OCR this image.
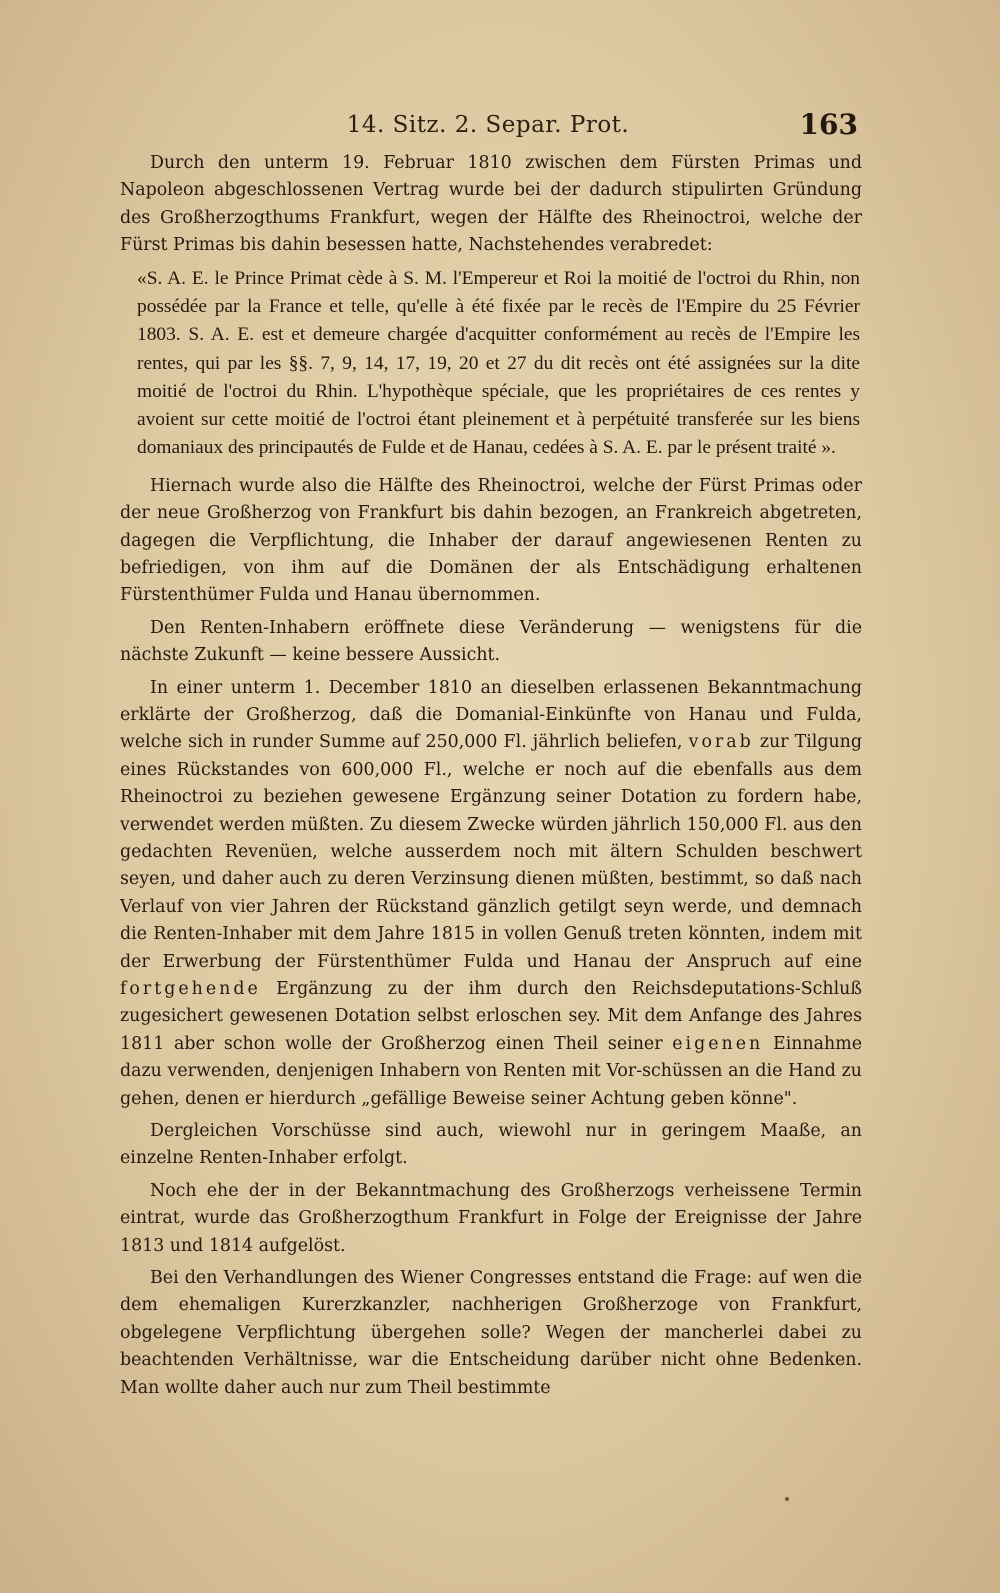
14. Sitz. 2. Separ. Prot.	163

Durch den unterm 19. Februar 1810 zwischen dem Fürsten Primas und Napoleon abgeschlossenen Vertrag wurde bei der dadurch stipulirten Gründung des Großherzogthums Frankfurt, wegen der Hälfte des Rheinoctroi, welche der Fürst Primas bis dahin besessen hatte, Nachstehendes verabredet:

«S. A. E. le Prince Primat cède à S. M. l'Empereur et Roi la moitié de l'octroi du Rhin, non possédée par la France et telle, qu'elle à été fixée par le recès de l'Empire du 25 Février 1803. S. A. E. est et demeure chargée d'acquitter conformément au recès de l'Empire les rentes, qui par les §§. 7, 9, 14, 17, 19, 20 et 27 du dit recès ont été assignées sur la dite moitié de l'octroi du Rhin. L'hypothèque spéciale, que les propriétaires de ces rentes y avoient sur cette moitié de l'octroi étant pleinement et à perpétuité transferée sur les biens domaniaux des principautés de Fulde et de Hanau, cedées à S. A. E. par le présent traité ».

Hiernach wurde also die Hälfte des Rheinoctroi, welche der Fürst Primas oder der neue Großherzog von Frankfurt bis dahin bezogen, an Frankreich abgetreten, dagegen die Verpflichtung, die Inhaber der darauf angewiesenen Renten zu befriedigen, von ihm auf die Domänen der als Entschädigung erhaltenen Fürstenthümer Fulda und Hanau übernommen.

Den Renten-Inhabern eröffnete diese Veränderung — wenigstens für die nächste Zukunft — keine bessere Aussicht.

In einer unterm 1. December 1810 an dieselben erlassenen Bekanntmachung erklärte der Großherzog, daß die Domanial-Einkünfte von Hanau und Fulda, welche sich in runder Summe auf 250,000 Fl. jährlich beliefen, vorab zur Tilgung eines Rückstandes von 600,000 Fl., welche er noch auf die ebenfalls aus dem Rheinoctroi zu beziehen gewesene Ergänzung seiner Dotation zu fordern habe, verwendet werden müßten. Zu diesem Zwecke würden jährlich 150,000 Fl. aus den gedachten Revenüen, welche ausserdem noch mit ältern Schulden beschwert seyen, und daher auch zu deren Verzinsung dienen müßten, bestimmt, so daß nach Verlauf von vier Jahren der Rückstand gänzlich getilgt seyn werde, und demnach die Renten-Inhaber mit dem Jahre 1815 in vollen Genuß treten könnten, indem mit der Erwerbung der Fürstenthümer Fulda und Hanau der Anspruch auf eine fortgehende Ergänzung zu der ihm durch den Reichsdeputations-Schluß zugesichert gewesenen Dotation selbst erloschen sey. Mit dem Anfange des Jahres 1811 aber schon wolle der Großherzog einen Theil seiner eigenen Einnahme dazu verwenden, denjenigen Inhabern von Renten mit Vor-schüssen an die Hand zu gehen, denen er hierdurch „gefällige Beweise seiner Achtung geben könne".

Dergleichen Vorschüsse sind auch, wiewohl nur in geringem Maaße, an einzelne Renten-Inhaber erfolgt.

Noch ehe der in der Bekanntmachung des Großherzogs verheissene Termin eintrat, wurde das Großherzogthum Frankfurt in Folge der Ereignisse der Jahre 1813 und 1814 aufgelöst.

Bei den Verhandlungen des Wiener Congresses entstand die Frage: auf wen die dem ehemaligen Kurerzkanzler, nachherigen Großherzoge von Frankfurt, obgelegene Verpflichtung übergehen solle? Wegen der mancherlei dabei zu beachtenden Verhältnisse, war die Entscheidung darüber nicht ohne Bedenken. Man wollte daher auch nur zum Theil bestimmte
